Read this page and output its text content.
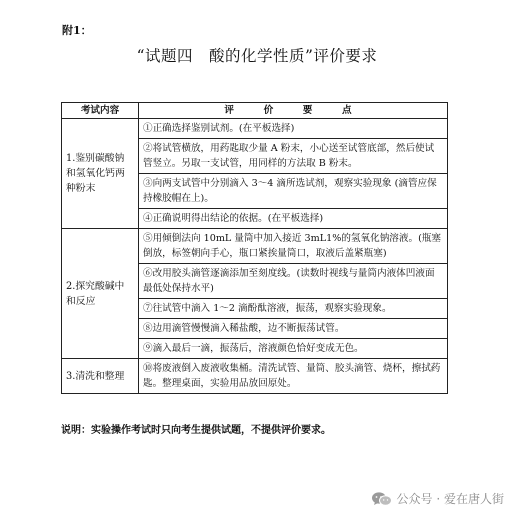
附1：
“试题四　酸的化学性质”评价要求
考试内容	评　价　要　点
1.鉴别碳酸钠和氢氧化钙两种粉末	①正确选择鉴别试剂。(在平板选择)
	②将试管横放，用药匙取少量 A 粉末，小心送至试管底部，然后使试管竖立。另取一支试管，用同样的方法取 B 粉末。
	③向两支试管中分别滴入 3～4 滴所选试剂，观察实验现象 (滴管应保持橡胶帽在上)。
	④正确说明得出结论的依据。(在平板选择)
2.探究酸碱中和反应	⑤用倾倒法向 10mL 量筒中加入接近 3mL1%的氢氧化钠溶液。(瓶塞倒放，标签朝向手心，瓶口紧挨量筒口，取液后盖紧瓶塞)
	⑥改用胶头滴管逐滴添加至刻度线。(读数时视线与量筒内液体凹液面最低处保持水平)
	⑦往试管中滴入 1～2 滴酚酞溶液，振荡，观察实验现象。
	⑧边用滴管慢慢滴入稀盐酸，边不断振荡试管。
	⑨滴入最后一滴，振荡后，溶液颜色恰好变成无色。
3.清洗和整理	⑩将废液倒入废液收集桶。清洗试管、量筒、胶头滴管、烧杯，擦拭药匙。整理桌面，实验用品放回原处。
说明：实验操作考试时只向考生提供试题，不提供评价要求。
公众号 · 爱在唐人街
